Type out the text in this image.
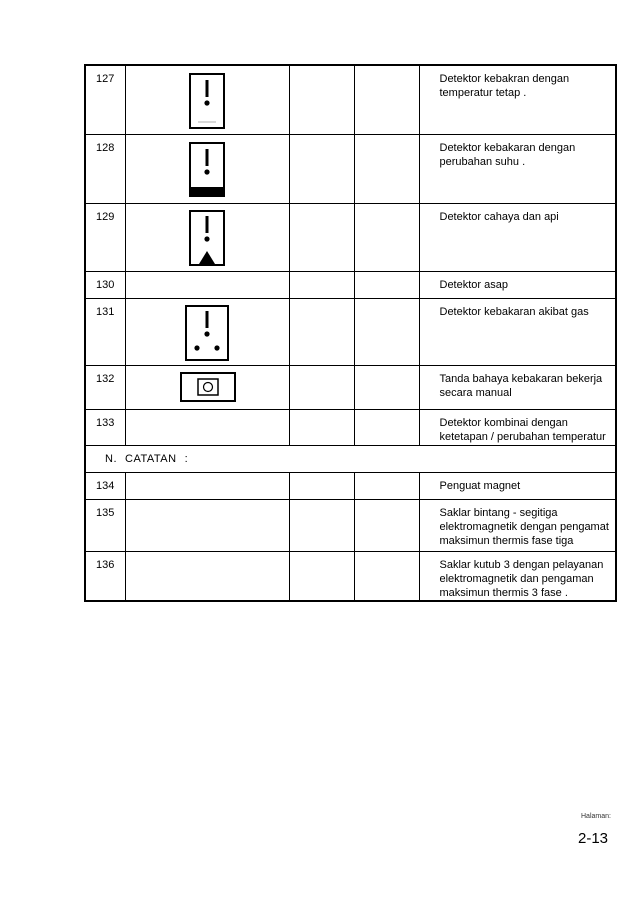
127				Detektor kebakran dengan
temperatur tetap .

128				Detektor kebakaran dengan
perubahan suhu .

129				Detektor cahaya dan api

130				Detektor asap

131				Detektor kebakaran akibat gas

132				Tanda bahaya kebakaran bekerja
secara manual

133				Detektor kombinai dengan
ketetapan / perubahan temperatur

N. CATATAN :				
134				Penguat magnet

135				Saklar bintang - segitiga
elektromagnetik dengan pengamat
maksimun thermis fase tiga

136				Saklar kutub 3 dengan pelayanan
elektromagnetik dan pengaman
maksimun thermis 3 fase .
Halaman:
2-13
